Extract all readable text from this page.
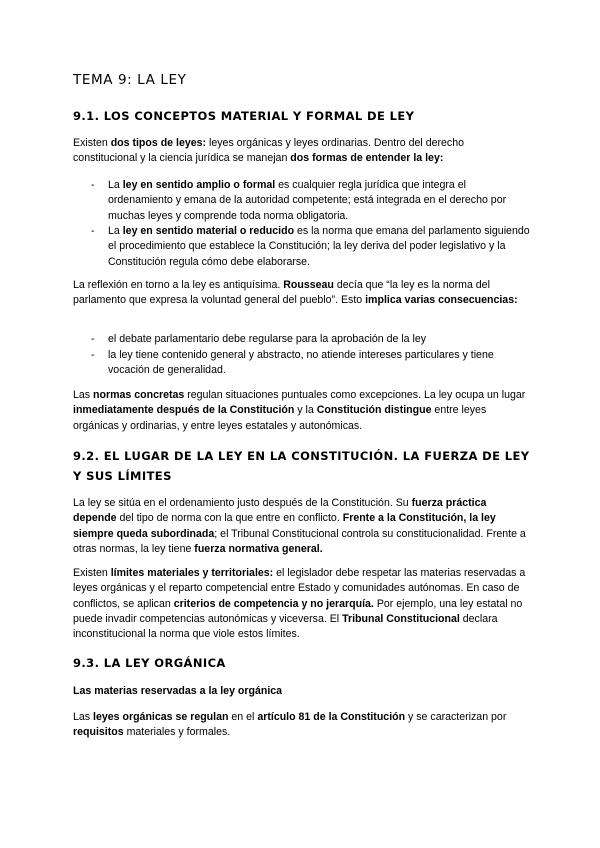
TEMA 9: LA LEY
9.1. LOS CONCEPTOS MATERIAL Y FORMAL DE LEY

Existen dos tipos de leyes: leyes orgánicas y leyes ordinarias. Dentro del derecho constitucional y la ciencia jurídica se manejan dos formas de entender la ley:

-	La ley en sentido amplio o formal es cualquier regla jurídica que integra el ordenamiento y emana de la autoridad competente; está integrada en el derecho por muchas leyes y comprende toda norma obligatoria.
-	La ley en sentido material o reducido es la norma que emana del parlamento siguiendo el procedimiento que establece la Constitución; la ley deriva del poder legislativo y la Constitución regula cómo debe elaborarse.

La reflexión en torno a la ley es antiquísima. Rousseau decía que “la ley es la norma del parlamento que expresa la voluntad general del pueblo”. Esto implica varias consecuencias:

-	el debate parlamentario debe regularse para la aprobación de la ley
-	la ley tiene contenido general y abstracto, no atiende intereses particulares y tiene vocación de generalidad.

Las normas concretas regulan situaciones puntuales como excepciones. La ley ocupa un lugar inmediatamente después de la Constitución y la Constitución distingue entre leyes orgánicas y ordinarias, y entre leyes estatales y autonómicas.

9.2. EL LUGAR DE LA LEY EN LA CONSTITUCIÓN. LA FUERZA DE LEY Y SUS LÍMITES

La ley se sitúa en el ordenamiento justo después de la Constitución. Su fuerza práctica depende del tipo de norma con la que entre en conflicto. Frente a la Constitución, la ley siempre queda subordinada; el Tribunal Constitucional controla su constitucionalidad. Frente a otras normas, la ley tiene fuerza normativa general.

Existen límites materiales y territoriales: el legislador debe respetar las materias reservadas a leyes orgánicas y el reparto competencial entre Estado y comunidades autónomas. En caso de conflictos, se aplican criterios de competencia y no jerarquía. Por ejemplo, una ley estatal no puede invadir competencias autonómicas y viceversa. El Tribunal Constitucional declara inconstitucional la norma que viole estos límites.

9.3. LA LEY ORGÁNICA

Las materias reservadas a la ley orgánica

Las leyes orgánicas se regulan en el artículo 81 de la Constitución y se caracterizan por requisitos materiales y formales.
